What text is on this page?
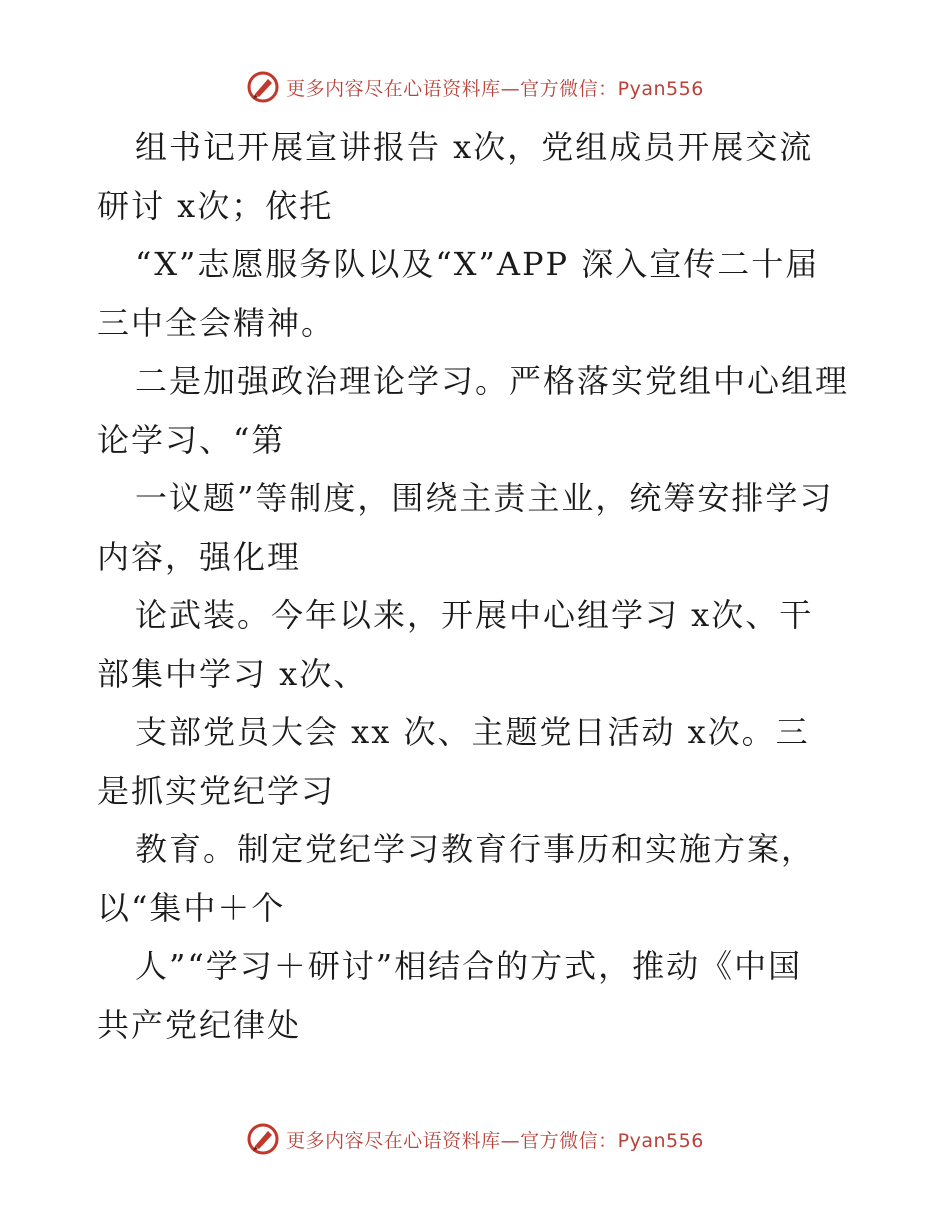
更多内容尽在心语资料库—官方微信：Pyan556
组书记开展宣讲报告 x次，党组成员开展交流
研讨 x次；依托
“X”志愿服务队以及“X”APP 深入宣传二十届
三中全会精神。
二是加强政治理论学习。严格落实党组中心组理
论学习、“第
一议题”等制度，围绕主责主业，统筹安排学习
内容，强化理
论武装。今年以来，开展中心组学习 x次、干
部集中学习 x次、
支部党员大会 xx 次、主题党日活动 x次。三
是抓实党纪学习
教育。制定党纪学习教育行事历和实施方案，
以“集中＋个
人”“学习＋研讨”相结合的方式，推动《中国
共产党纪律处
更多内容尽在心语资料库—官方微信：Pyan556
